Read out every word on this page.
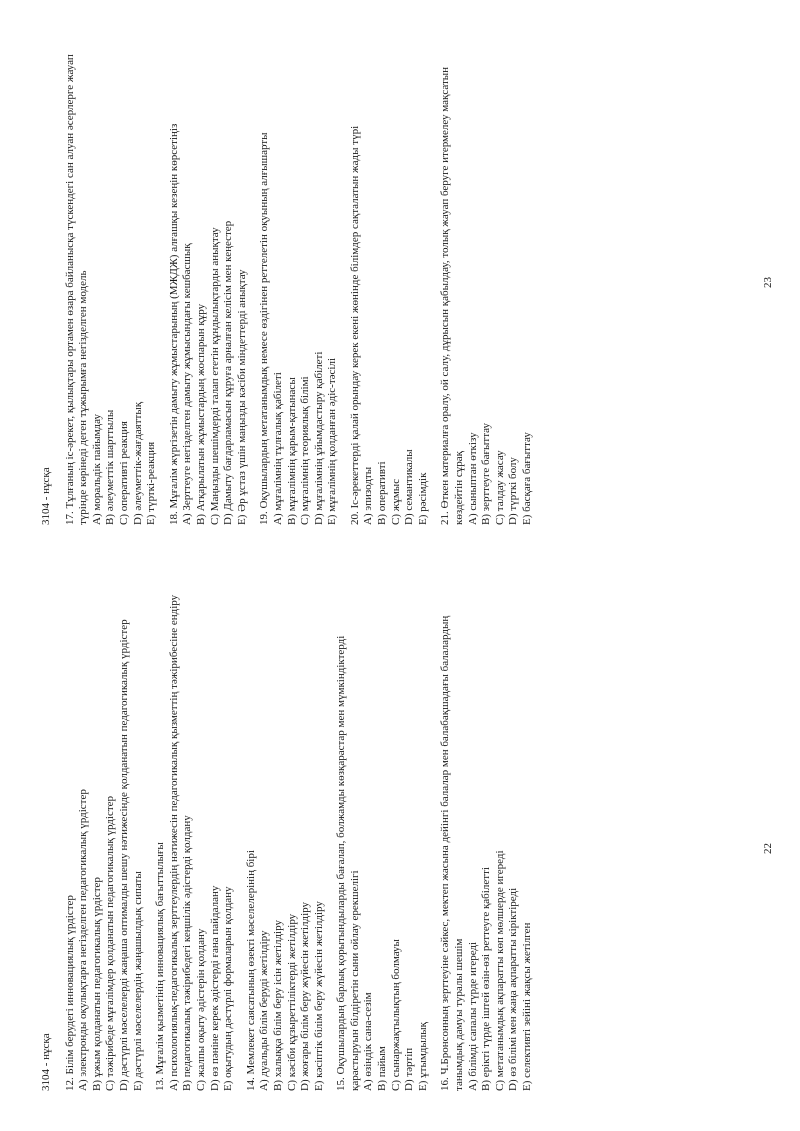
3104 - нұсқа 12. Білім берудегі инновациялық үрдістер А) электронды оқулықтарға негізделген педагогикалық үрдістер В) ұжым қолданатын педагогикалық үрдістер С) тәжірибеде мұғалімдер қолданатын педагогикалық үрдістер D) дәстүрлі мәселелерді жаңаша оптималды шешу нәтижесінде қолданатын педагогикалық үрдістер Е) дәстүрлі мәселелердің жаңашылдық сипаты 13. Мұғалім қызметінің инновациялық бағыттылығы А) психологиялық-педагогикалық зерттеулердің нәтижесін педагогикалық қызметтің тәжірибесіне ендіру В) педагогикалық тәжірибедегі кеңшілік әдістерді қолдану С) жалпы оқыту әдістерін қолдану D) өз пәніне керек әдістерді ғана пайдалану Е) оқытудың дәстүрлі формаларын қолдану 14. Мемлекет саясатының өзекті мәселелерінің бірі А) дуальды білім беруді жетілдіру В) халыққа білім беру ісін жетілдіру С) кәсіби құзыреттіліктерді жетілдіру D) жоғары білім беру жүйесін жетілдіру Е) кәсіптік білім беру жүйесін жетілдіру 15. Оқушылардың барлық қорытындыларды бағалап, болжамды көзқарастар мен мүмкіндіктерді қарастыруын білдіретін сыни ойлау ерекшелігі А) өзіндік сана-сезім В) пайым С) сынаржақтылықтың болмауы D) тәртіп Е) ұтымдылық 16. Ч.Бронсонның зерттеуіне сәйкес, мектеп жасына дейінгі балалар мен балабақшадағы балалардың танымдық дамуы туралы шешім А) білімді сапалы түрде игереді В) ерікті түрде іштей өзін-өзі реттеуге қабілетті С) метатанымдық ақпаратты көп мөлшерде игереді D) өз білімі мен жаңа ақпаратты кіріктіреді Е) селективті зейіні жақсы жетілген
22
3104 - нұсқа 17. Тұлғаның іс-әрекет, қылықтары ортамен өзара байланысқа түскендегі сан алуан әсерлерге жауап түрінде көрінеді деген тұжырымға негізделген модель А) моральдік пайымдау В) әлеуметтік шарттылы С) оперативті реакция D) әлеуметтік-жағдаяттық Е) түрткі-реакция 18. Мұғалім жүргізетін дамыту жұмыстарының (МЖДЖ) алғашқы кезеңін көрсетіңіз А) Зерттеуге негізделген дамыту жұмысындағы кешбасшық В) Атқарылатын жұмыстардың жоспарын құру С) Маңызды шешімдерді талап ететін құндылықтарды анықтау D) Дамыту бағдарламасын құруға арналған келісім мен кеңестер Е) Әр ұстаз үшін маңызды кәсіби міндеттерді анықтау 19. Оқушылардың метатанымдық немесе өздігінен реттелетін оқуының алғышарты А) мұғалімнің тұлғалық қабілеті В) мұғалімнің қарым-қатынасы С) мұғалімнің теориялық білімі D) мұғалімнің ұйымдастыру қабілеті Е) мұғалімнің қолданған әдіс-тәсілі 20. Іс-әрекеттерді қалай орындау керек екені жөнінде білімдер сақталатын жады түрі А) эпизодты В) оперативті С) жұмыс D) семантикалы Е) рәсімдік 21. Өткен материалға оралу, ой салу, дұрысын қабылдау, толық жауап беруге итермелеу мақсатын көздейтін сұрақ А) сыныптан өткізу В) зерттеуге бағыттау С) талдау жасау D) түрткі болу Е) басқаға бағыттау
23
